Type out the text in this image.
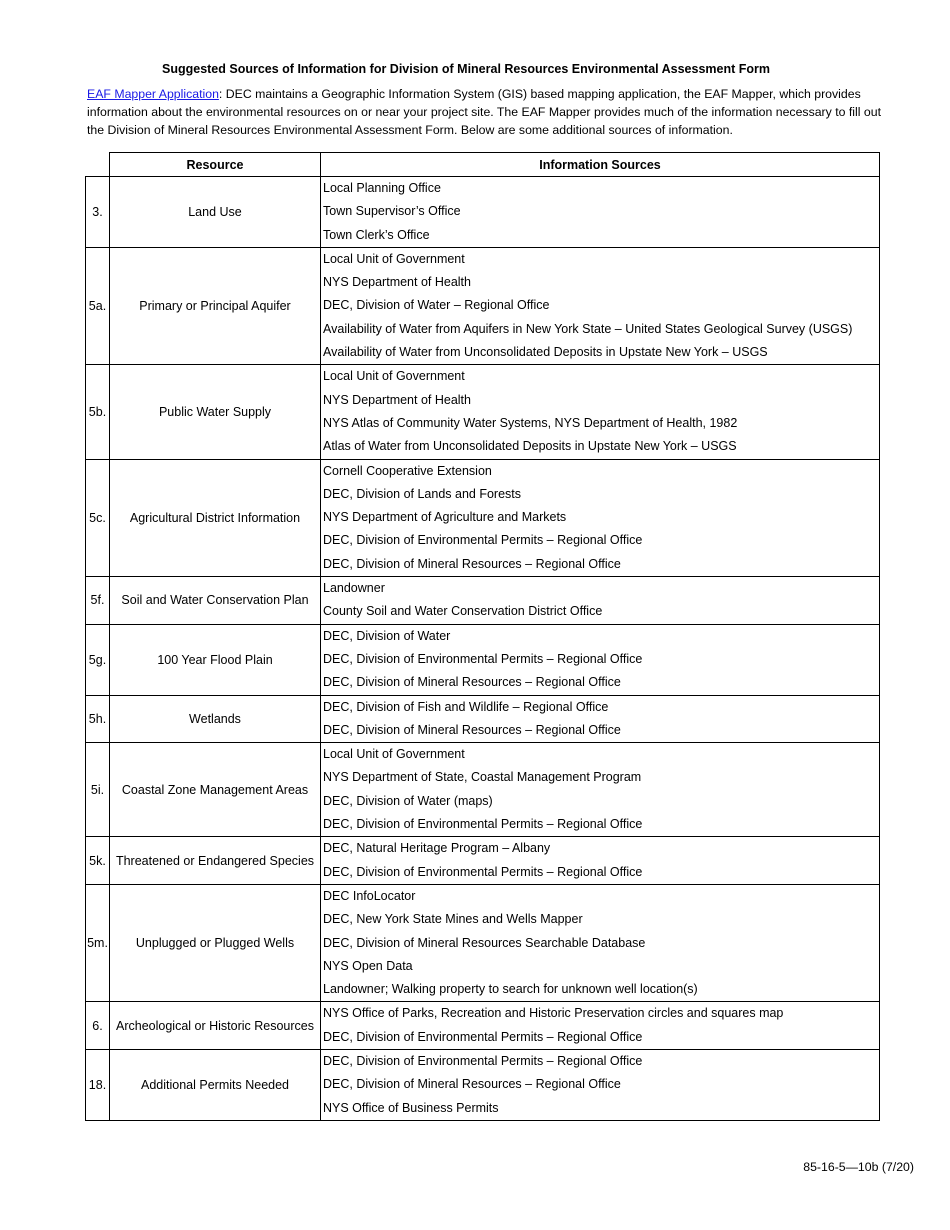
Suggested Sources of Information for Division of Mineral Resources Environmental Assessment Form
EAF Mapper Application: DEC maintains a Geographic Information System (GIS) based mapping application, the EAF Mapper, which provides information about the environmental resources on or near your project site. The EAF Mapper provides much of the information necessary to fill out the Division of Mineral Resources Environmental Assessment Form. Below are some additional sources of information.
	Resource	Information Sources
3.	Land Use	Local Planning Office
Town Supervisor’s Office
Town Clerk’s Office

5a.	Primary or Principal Aquifer	Local Unit of Government
NYS Department of Health
DEC, Division of Water – Regional Office
Availability of Water from Aquifers in New York State – United States Geological Survey (USGS)
Availability of Water from Unconsolidated Deposits in Upstate New York – USGS

5b.	Public Water Supply	Local Unit of Government
NYS Department of Health
NYS Atlas of Community Water Systems, NYS Department of Health, 1982
Atlas of Water from Unconsolidated Deposits in Upstate New York – USGS

5c.	Agricultural District Information	Cornell Cooperative Extension
DEC, Division of Lands and Forests
NYS Department of Agriculture and Markets
DEC, Division of Environmental Permits – Regional Office
DEC, Division of Mineral Resources – Regional Office

5f.	Soil and Water Conservation Plan	Landowner
County Soil and Water Conservation District Office

5g.	100 Year Flood Plain	DEC, Division of Water
DEC, Division of Environmental Permits – Regional Office
DEC, Division of Mineral Resources – Regional Office

5h.	Wetlands	DEC, Division of Fish and Wildlife – Regional Office
DEC, Division of Mineral Resources – Regional Office

5i.	Coastal Zone Management Areas	Local Unit of Government
NYS Department of State, Coastal Management Program
DEC, Division of Water (maps)
DEC, Division of Environmental Permits – Regional Office

5k.	Threatened or Endangered Species	DEC, Natural Heritage Program – Albany
DEC, Division of Environmental Permits – Regional Office

5m.	Unplugged or Plugged Wells	DEC InfoLocator
DEC, New York State Mines and Wells Mapper
DEC, Division of Mineral Resources Searchable Database
NYS Open Data
Landowner; Walking property to search for unknown well location(s)

6.	Archeological or Historic Resources	NYS Office of Parks, Recreation and Historic Preservation circles and squares map
DEC, Division of Environmental Permits – Regional Office

18.	Additional Permits Needed	DEC, Division of Environmental Permits – Regional Office
DEC, Division of Mineral Resources – Regional Office
NYS Office of Business Permits
85-16-5—10b (7/20)
